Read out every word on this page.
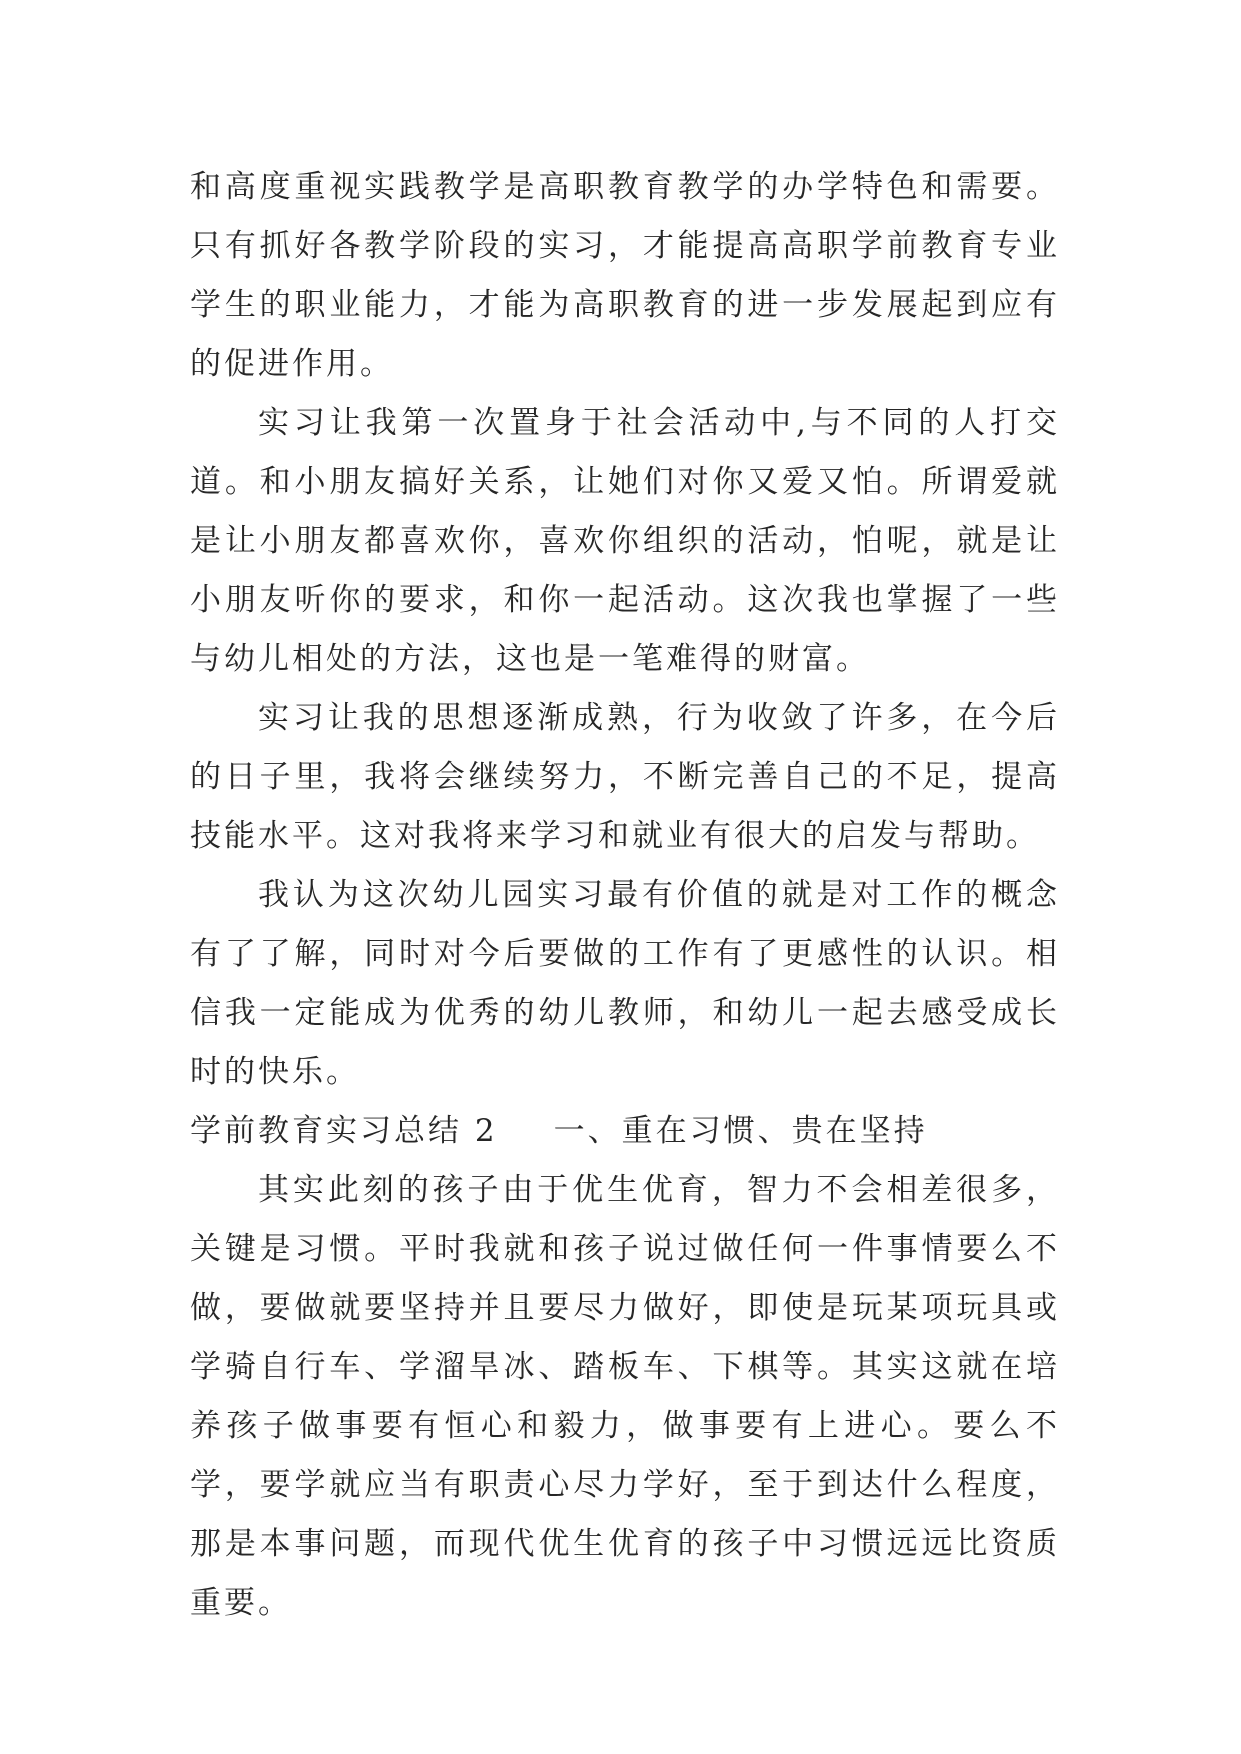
和高度重视实践教学是高职教育教学的办学特色和需要。只有抓好各教学阶段的实习，才能提高高职学前教育专业学生的职业能力，才能为高职教育的进一步发展起到应有的促进作用。

实习让我第一次置身于社会活动中,与不同的人打交道。和小朋友搞好关系，让她们对你又爱又怕。所谓爱就是让小朋友都喜欢你，喜欢你组织的活动，怕呢，就是让小朋友听你的要求，和你一起活动。这次我也掌握了一些与幼儿相处的方法，这也是一笔难得的财富。

实习让我的思想逐渐成熟，行为收敛了许多，在今后的日子里，我将会继续努力，不断完善自己的不足，提高技能水平。这对我将来学习和就业有很大的启发与帮助。

我认为这次幼儿园实习最有价值的就是对工作的概念有了了解，同时对今后要做的工作有了更感性的认识。相信我一定能成为优秀的幼儿教师，和幼儿一起去感受成长时的快乐。

学前教育实习总结 2 一、重在习惯、贵在坚持

其实此刻的孩子由于优生优育，智力不会相差很多，关键是习惯。平时我就和孩子说过做任何一件事情要么不做，要做就要坚持并且要尽力做好，即使是玩某项玩具或学骑自行车、学溜旱冰、踏板车、下棋等。其实这就在培养孩子做事要有恒心和毅力，做事要有上进心。要么不学，要学就应当有职责心尽力学好，至于到达什么程度，那是本事问题，而现代优生优育的孩子中习惯远远比资质重要。
